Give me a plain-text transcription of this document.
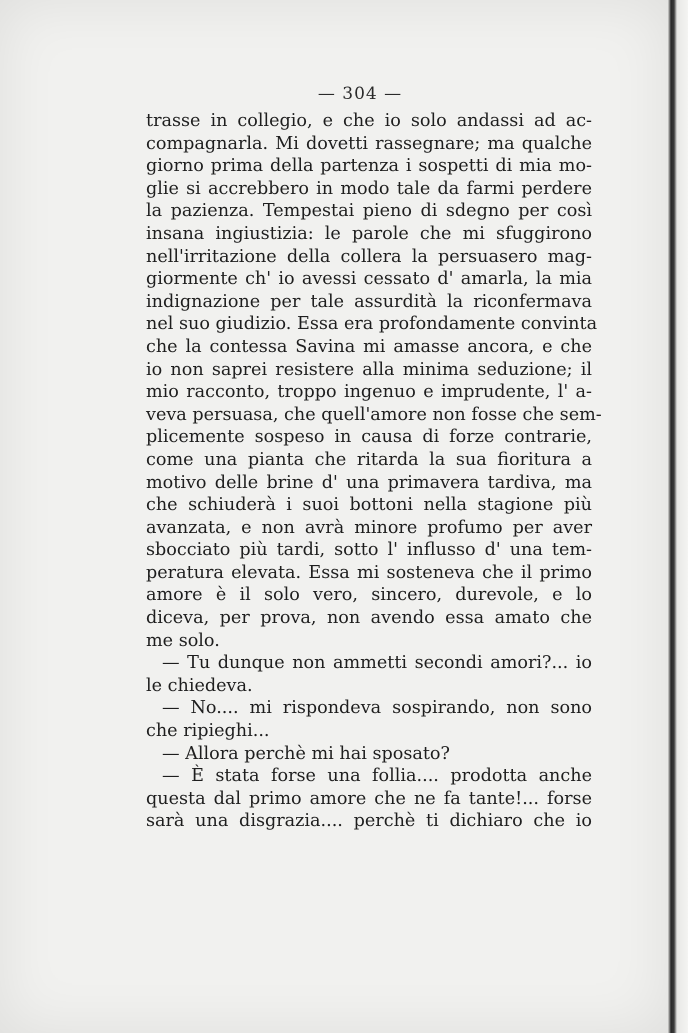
— 304 —
trasse in collegio, e che io solo andassi ad ac-
compagnarla. Mi dovetti rassegnare; ma qualche
giorno prima della partenza i sospetti di mia mo-
glie si accrebbero in modo tale da farmi perdere
la pazienza. Tempestai pieno di sdegno per così
insana ingiustizia: le parole che mi sfuggirono
nell'irritazione della collera la persuasero mag-
giormente ch' io avessi cessato d' amarla, la mia
indignazione per tale assurdità la riconfermava
nel suo giudizio. Essa era profondamente convinta
che la contessa Savina mi amasse ancora, e che
io non saprei resistere alla minima seduzione; il
mio racconto, troppo ingenuo e imprudente, l' a-
veva persuasa, che quell'amore non fosse che sem-
plicemente sospeso in causa di forze contrarie,
come una pianta che ritarda la sua fioritura a
motivo delle brine d' una primavera tardiva, ma
che schiuderà i suoi bottoni nella stagione più
avanzata, e non avrà minore profumo per aver
sbocciato più tardi, sotto l' influsso d' una tem-
peratura elevata. Essa mi sosteneva che il primo
amore è il solo vero, sincero, durevole, e lo
diceva, per prova, non avendo essa amato che
me solo.
— Tu dunque non ammetti secondi amori?... io
le chiedeva.
— No.... mi rispondeva sospirando, non sono
che ripieghi...
— Allora perchè mi hai sposato?
— È stata forse una follia.... prodotta anche
questa dal primo amore che ne fa tante!... forse
sarà una disgrazia.... perchè ti dichiaro che io
